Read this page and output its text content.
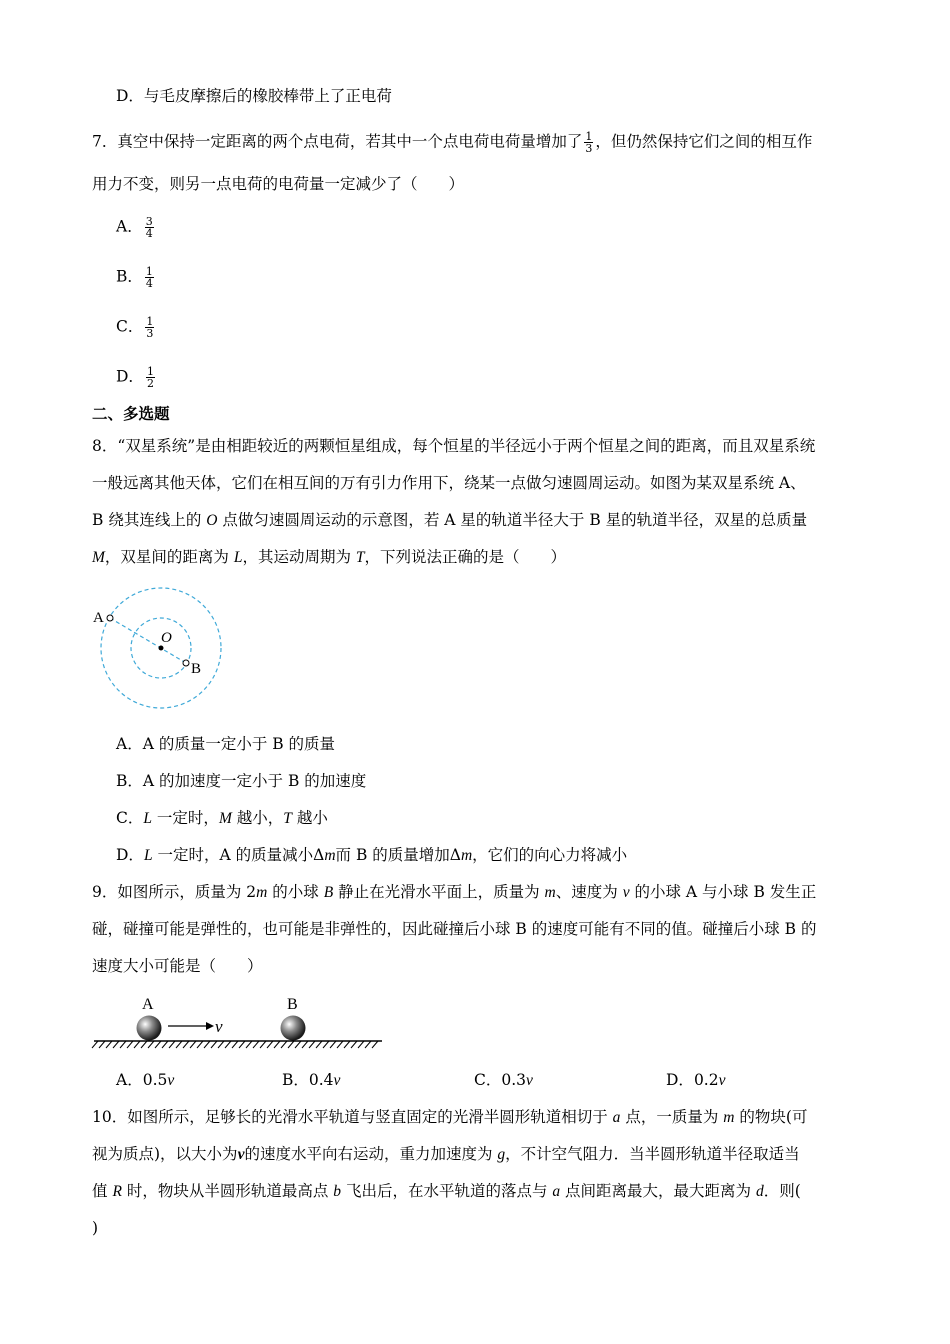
D．与毛皮摩擦后的橡胶棒带上了正电荷
7．真空中保持一定距离的两个点电荷，若其中一个点电荷电荷量增加了 $\frac{1}{3}$ ，但仍然保持它们之间的相互作
用力不变，则另一点电荷的电荷量一定减少了（　　）
A． $\frac{3}{4}$
B． $\frac{1}{4}$
C． $\frac{1}{3}$
D． $\frac{1}{2}$
二、多选题
8．“双星系统”是由相距较近的两颗恒星组成，每个恒星的半径远小于两个恒星之间的距离，而且双星系统
一般远离其他天体，它们在相互间的万有引力作用下，绕某一点做匀速圆周运动。如图为某双星系统 A、
B 绕其连线上的 O 点做匀速圆周运动的示意图，若 A 星的轨道半径大于 B 星的轨道半径，双星的总质量
M，双星间的距离为 L，其运动周期为 T，下列说法正确的是（　　）
A
O
B
A．A 的质量一定小于 B 的质量
B．A 的加速度一定小于 B 的加速度
C．L 一定时，M 越小，T 越小
D．L 一定时，A 的质量减小Δm而 B 的质量增加Δm，它们的向心力将减小
9．如图所示，质量为 2m 的小球 B 静止在光滑水平面上，质量为 m、速度为 v 的小球 A 与小球 B 发生正
碰，碰撞可能是弹性的，也可能是非弹性的，因此碰撞后小球 B 的速度可能有不同的值。碰撞后小球 B 的
速度大小可能是（　　）
A	B
v
A．0.5v	B．0.4v	C．0.3v	D．0.2v
10．如图所示，足够长的光滑水平轨道与竖直固定的光滑半圆形轨道相切于 a 点，一质量为 m 的物块(可
视为质点)，以大小为v的速度水平向右运动，重力加速度为 g，不计空气阻力．当半圆形轨道半径取适当
值 R 时，物块从半圆形轨道最高点 b 飞出后，在水平轨道的落点与 a 点间距离最大，最大距离为 d．则(
)
